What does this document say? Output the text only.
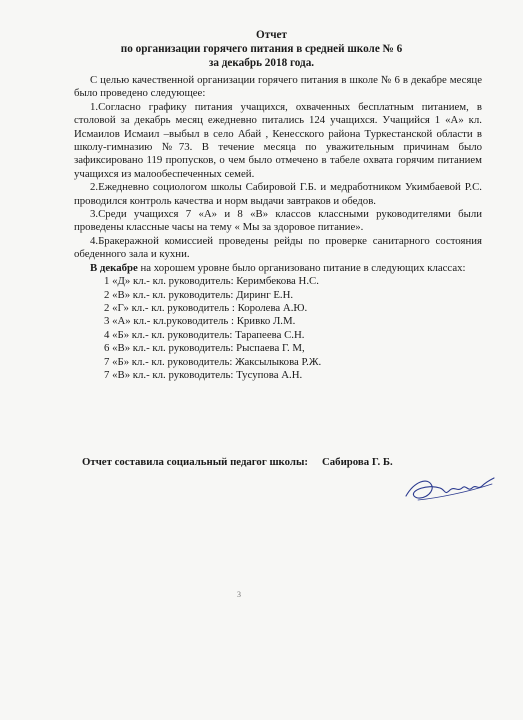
Отчет
по организации горячего питания в средней школе № 6
за декабрь 2018 года.

С целью качественной организации горячего питания в школе № 6 в декабре месяце было проведено следующее:

1.Согласно графику питания учащихся, охваченных бесплатным питанием, в столовой за декабрь месяц ежедневно питались 124 учащихся. Учащийся 1 «А» кл. Исмаилов Исмаил –выбыл в село Абай , Кенесского района Туркестанской области в школу-гимназию №73. В течение месяца по уважительным причинам было зафиксировано 119 пропусков, о чем было отмечено в табеле охвата горячим питанием учащихся из малообеспеченных семей.

2.Ежедневно социологом школы Сабировой Г.Б. и медработником Укимбаевой Р.С. проводился контроль качества и норм выдачи завтраков и обедов.

3.Среди учащихся 7 «А» и 8 «В» классов классными руководителями были проведены классные часы на тему « Мы за здоровое питание».

4.Бракеражной комиссией проведены рейды по проверке санитарного состояния обеденного зала и кухни.

В декабре на хорошем уровне было организовано питание в следующих классах:

1 «Д» кл.- кл. руководитель: Керимбекова Н.С.
2 «В» кл.- кл. руководитель: Диринг Е.Н.
2 «Г» кл.- кл. руководитель : Королева А.Ю.
3 «А» кл.- кл.руководитель : Кривко Л.М.
4 «Б» кл.- кл. руководитель: Тарапеева С.Н.
6 «В» кл.- кл. руководитель: Рыспаева Г. М,
7 «Б» кл.- кл. руководитель: Жаксылыкова Р.Ж.
7 «В» кл.- кл. руководитель: Тусупова А.Н.
Отчет составила социальный педагог школы: Сабирова Г. Б.
3
